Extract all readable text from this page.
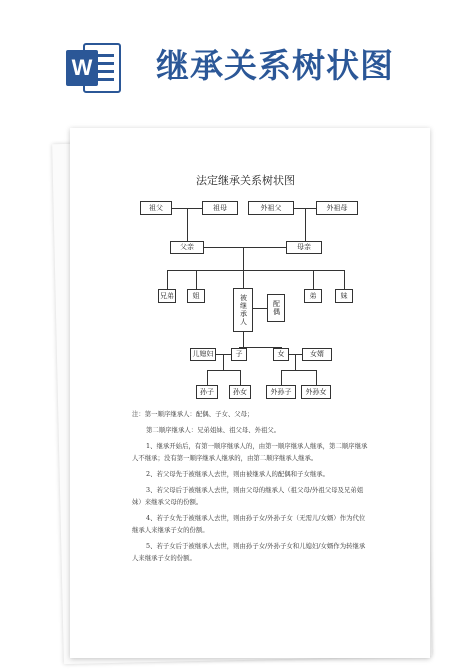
W 继承关系树状图
法定继承关系树状图
祖父	祖母	外祖父	外祖母
父亲	母亲
兄弟	姐	弟	妹
被继承人	配偶
儿媳妇	子	女	女婿
孙子	孙女	外孙子	外孙女

注：第一顺序继承人：配偶、子女、父母；

第二顺序继承人：兄弟姐妹、祖父母、外祖父。

1、继承开始后，有第一顺序继承人的，由第一顺序继承人继承，第二顺序继承人不继承；没有第一顺序继承人继承的，由第二顺序继承人继承。

2、若父母先于被继承人去世，则由被继承人的配偶和子女继承。

3、若父母后于被继承人去世，则由父母的继承人（祖父母/外祖父母及兄弟姐妹）来继承父母的份额。

4、若子女先于被继承人去世，则由孙子女/外孙子女（无需儿/女婿）作为代位继承人来继承子女的份额。

5、若子女后于被继承人去世，则由孙子女/外孙子女和儿媳妇/女婿作为转继承人来继承子女的份额。
